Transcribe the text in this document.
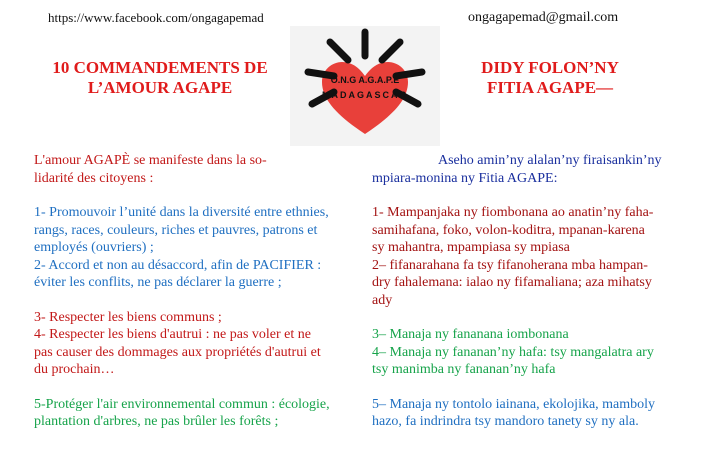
https://www.facebook.com/ongagapemad	ongagapemad@gmail.com
10 COMMANDEMENTS DE
L’AMOUR AGAPE	O.N.G A.G.A.P.E
MADAGASCAR
DIDY FOLON’NY
FITIA AGAPE—
L'amour AGAPÈ se manifeste dans la so-
lidarité des citoyens :
1- Promouvoir l’unité dans la diversité entre ethnies,
rangs, races, couleurs, riches et pauvres, patrons et
employés (ouvriers) ;
2- Accord et non au désaccord, afin de PACIFIER :
éviter les conflits, ne pas déclarer la guerre ;
3- Respecter les biens communs ;
4- Respecter les biens d'autrui : ne pas voler et ne
pas causer des dommages aux propriétés d'autrui et
du prochain…
5-Protéger l'air environnemental commun : écologie,
plantation d'arbres, ne pas brûler les forêts ;
Aseho amin’ny alalan’ny firaisankin’ny
mpiara-monina ny Fitia AGAPE:
1- Mampanjaka ny fiombonana ao anatin’ny faha-
samihafana, foko, volon-koditra, mpanan-karena
sy mahantra, mpampiasa sy mpiasa
2– fifanarahana fa tsy fifanoherana mba hampan-
dry fahalemana: ialao ny fifamaliana; aza mihatsy
ady
3– Manaja ny fananana iombonana
4– Manaja ny fananan’ny hafa: tsy mangalatra ary
tsy manimba ny fananan’ny hafa
5– Manaja ny tontolo iainana, ekolojika, mamboly
hazo, fa indrindra tsy mandoro tanety sy ny ala.
